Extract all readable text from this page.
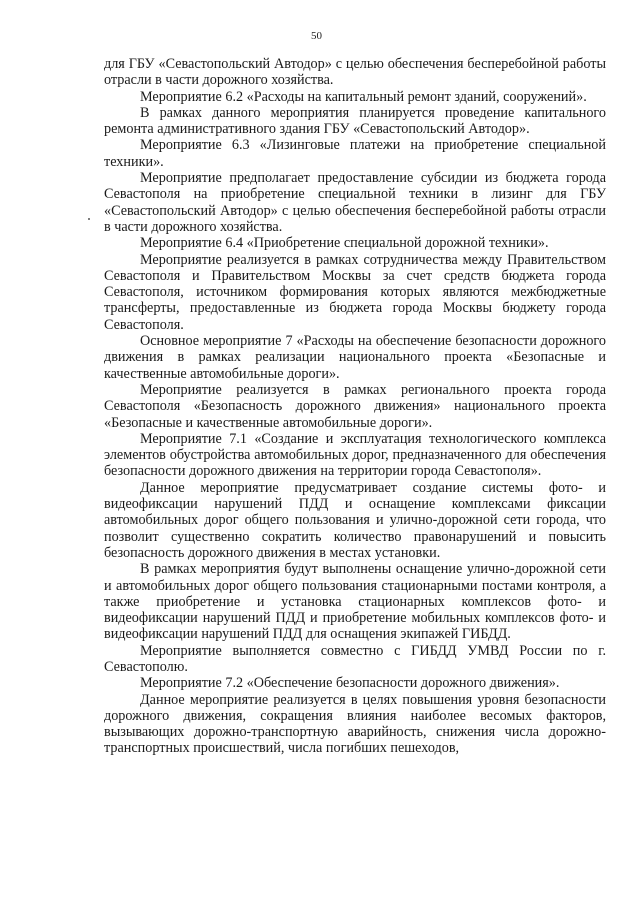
50

для ГБУ «Севастопольский Автодор» с целью обеспечения бесперебойной работы отрасли в части дорожного хозяйства.

Мероприятие 6.2 «Расходы на капитальный ремонт зданий, сооружений».

В рамках данного мероприятия планируется проведение капитального ремонта административного здания ГБУ «Севастопольский Автодор».

Мероприятие 6.3 «Лизинговые платежи на приобретение специальной техники».

Мероприятие предполагает предоставление субсидии из бюджета города Севастополя на приобретение специальной техники в лизинг для ГБУ «Севастопольский Автодор» с целью обеспечения бесперебойной работы отрасли в части дорожного хозяйства.

Мероприятие 6.4 «Приобретение специальной дорожной техники».

Мероприятие реализуется в рамках сотрудничества между Правительством Севастополя и Правительством Москвы за счет средств бюджета города Севастополя, источником формирования которых являются межбюджетные трансферты, предоставленные из бюджета города Москвы бюджету города Севастополя.

Основное мероприятие 7 «Расходы на обеспечение безопасности дорожного движения в рамках реализации национального проекта «Безопасные и качественные автомобильные дороги».

Мероприятие реализуется в рамках регионального проекта города Севастополя «Безопасность дорожного движения» национального проекта «Безопасные и качественные автомобильные дороги».

Мероприятие 7.1 «Создание и эксплуатация технологического комплекса элементов обустройства автомобильных дорог, предназначенного для обеспечения безопасности дорожного движения на территории города Севастополя».

Данное мероприятие предусматривает создание системы фото- и видеофиксации нарушений ПДД и оснащение комплексами фиксации автомобильных дорог общего пользования и улично-дорожной сети города, что позволит существенно сократить количество правонарушений и повысить безопасность дорожного движения в местах установки.

В рамках мероприятия будут выполнены оснащение улично-дорожной сети и автомобильных дорог общего пользования стационарными постами контроля, а также приобретение и установка стационарных комплексов фото- и видеофиксации нарушений ПДД и приобретение мобильных комплексов фото- и видеофиксации нарушений ПДД для оснащения экипажей ГИБДД.

Мероприятие выполняется совместно с ГИБДД УМВД России по г. Севастополю.

Мероприятие 7.2 «Обеспечение безопасности дорожного движения».

Данное мероприятие реализуется в целях повышения уровня безопасности дорожного движения, сокращения влияния наиболее весомых факторов, вызывающих дорожно-транспортную аварийность, снижения числа дорожно-транспортных происшествий, числа погибших пешеходов,
